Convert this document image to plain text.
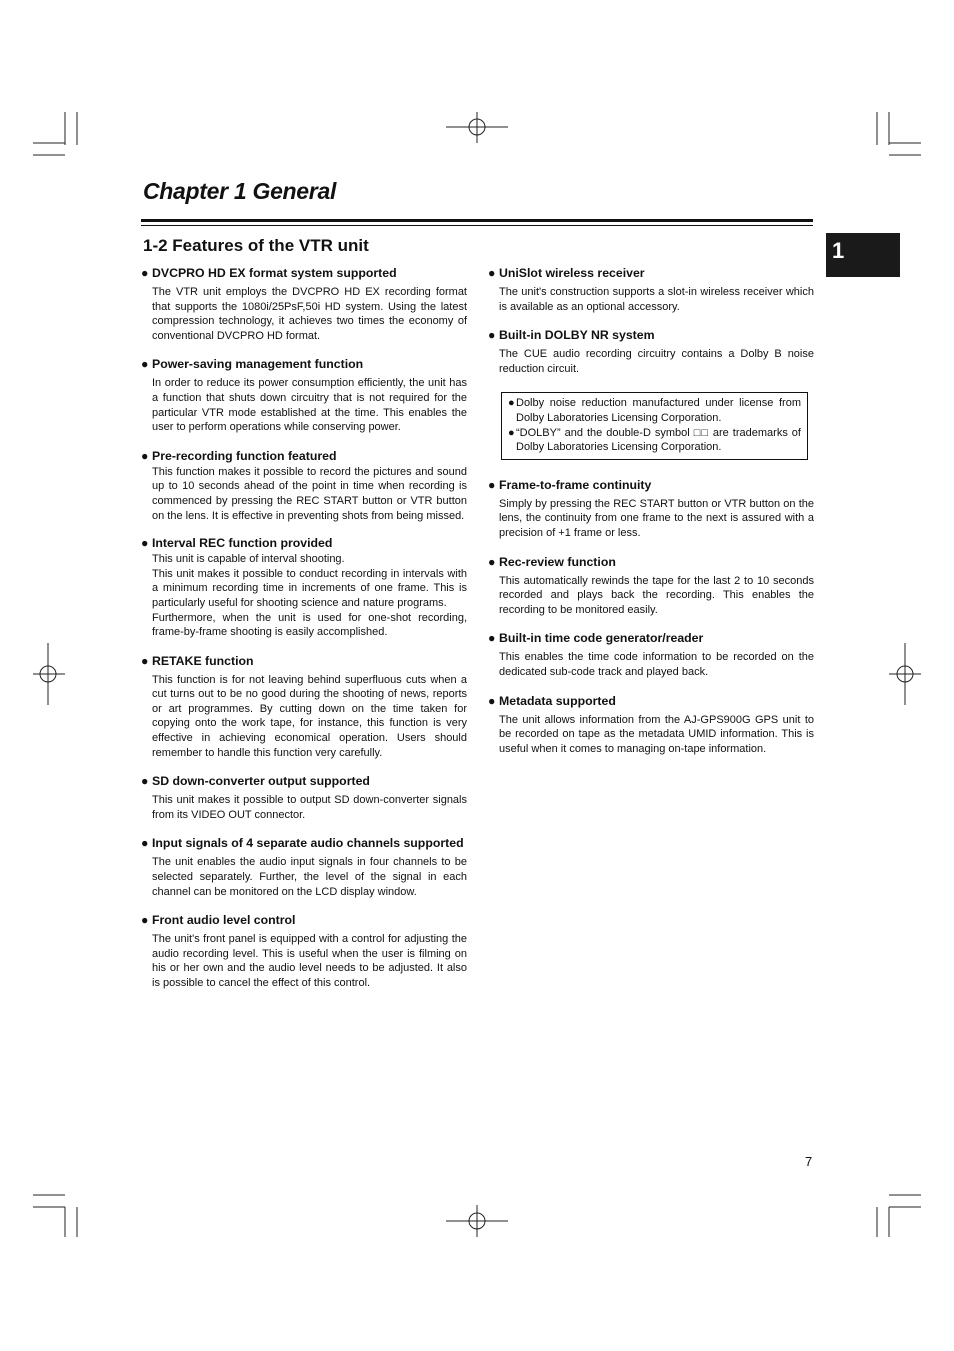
Chapter 1 General
1-2 Features of the VTR unit	1

● DVCPRO HD EX format system supported

The VTR unit employs the DVCPRO HD EX recording format that supports the 1080i/25PsF,50i HD system. Using the latest compression technology, it achieves two times the economy of conventional DVCPRO HD format.

● Power-saving management function

In order to reduce its power consumption efficiently, the unit has a function that shuts down circuitry that is not required for the particular VTR mode established at the time. This enables the user to perform operations while conserving power.

● Pre-recording function featured

This function makes it possible to record the pictures and sound up to 10 seconds ahead of the point in time when recording is commenced by pressing the REC START button or VTR button on the lens. It is effective in preventing shots from being missed.

● Interval REC function provided

This unit is capable of interval shooting.
This unit makes it possible to conduct recording in intervals with a minimum recording time in increments of one frame. This is particularly useful for shooting science and nature programs.
Furthermore, when the unit is used for one-shot recording, frame-by-frame shooting is easily accomplished.

● RETAKE function

This function is for not leaving behind superfluous cuts when a cut turns out to be no good during the shooting of news, reports or art programmes. By cutting down on the time taken for copying onto the work tape, for instance, this function is very effective in achieving economical operation. Users should remember to handle this function very carefully.

● SD down-converter output supported

This unit makes it possible to output SD down-converter signals from its VIDEO OUT connector.

● Input signals of 4 separate audio channels supported

The unit enables the audio input signals in four channels to be selected separately. Further, the level of the signal in each channel can be monitored on the LCD display window.

● Front audio level control

The unit's front panel is equipped with a control for adjusting the audio recording level. This is useful when the user is filming on his or her own and the audio level needs to be adjusted. It also is possible to cancel the effect of this control.

● UniSlot wireless receiver

The unit's construction supports a slot-in wireless receiver which is available as an optional accessory.

● Built-in DOLBY NR system

The CUE audio recording circuitry contains a Dolby B noise reduction circuit.

● Dolby noise reduction manufactured under license from Dolby Laboratories Licensing Corporation.
● “DOLBY” and the double-D symbol □□ are trademarks of Dolby Laboratories Licensing Corporation.

● Frame-to-frame continuity

Simply by pressing the REC START button or VTR button on the lens, the continuity from one frame to the next is assured with a precision of +1 frame or less.

● Rec-review function

This automatically rewinds the tape for the last 2 to 10 seconds recorded and plays back the recording. This enables the recording to be monitored easily.

● Built-in time code generator/reader

This enables the time code information to be recorded on the dedicated sub-code track and played back.

● Metadata supported

The unit allows information from the AJ-GPS900G GPS unit to be recorded on tape as the metadata UMID information. This is useful when it comes to managing on-tape information.

7
